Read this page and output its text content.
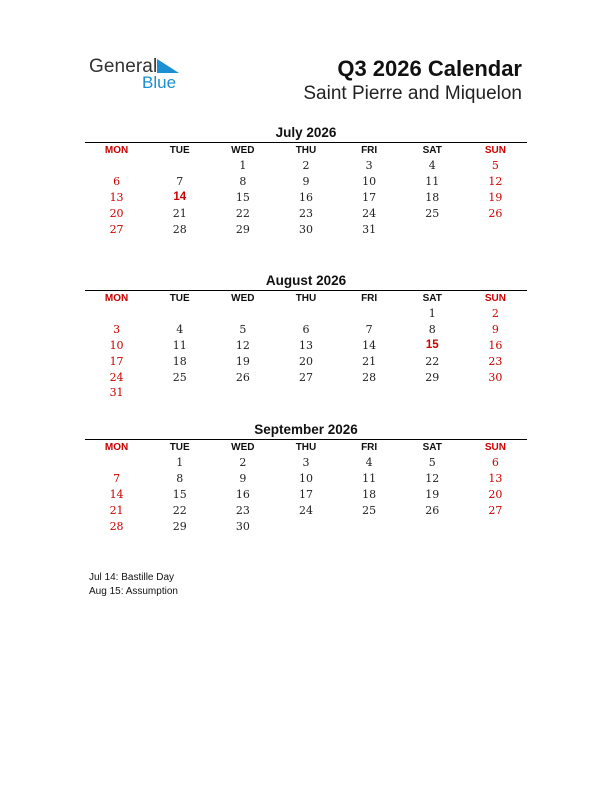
General
Blue
Q3 2026 Calendar
Saint Pierre and Miquelon
July 2026
MON	TUE	WED	THU	FRI	SAT	SUN
		1	2	3	4	5
6	7	8	9	10	11	12
13	14	15	16	17	18	19
20	21	22	23	24	25	26
27	28	29	30	31		
August 2026
MON	TUE	WED	THU	FRI	SAT	SUN
					1	2
3	4	5	6	7	8	9
10	11	12	13	14	15	16
17	18	19	20	21	22	23
24	25	26	27	28	29	30
31						
September 2026
MON	TUE	WED	THU	FRI	SAT	SUN
	1	2	3	4	5	6
7	8	9	10	11	12	13
14	15	16	17	18	19	20
21	22	23	24	25	26	27
28	29	30				
Jul 14: Bastille Day
Aug 15: Assumption
